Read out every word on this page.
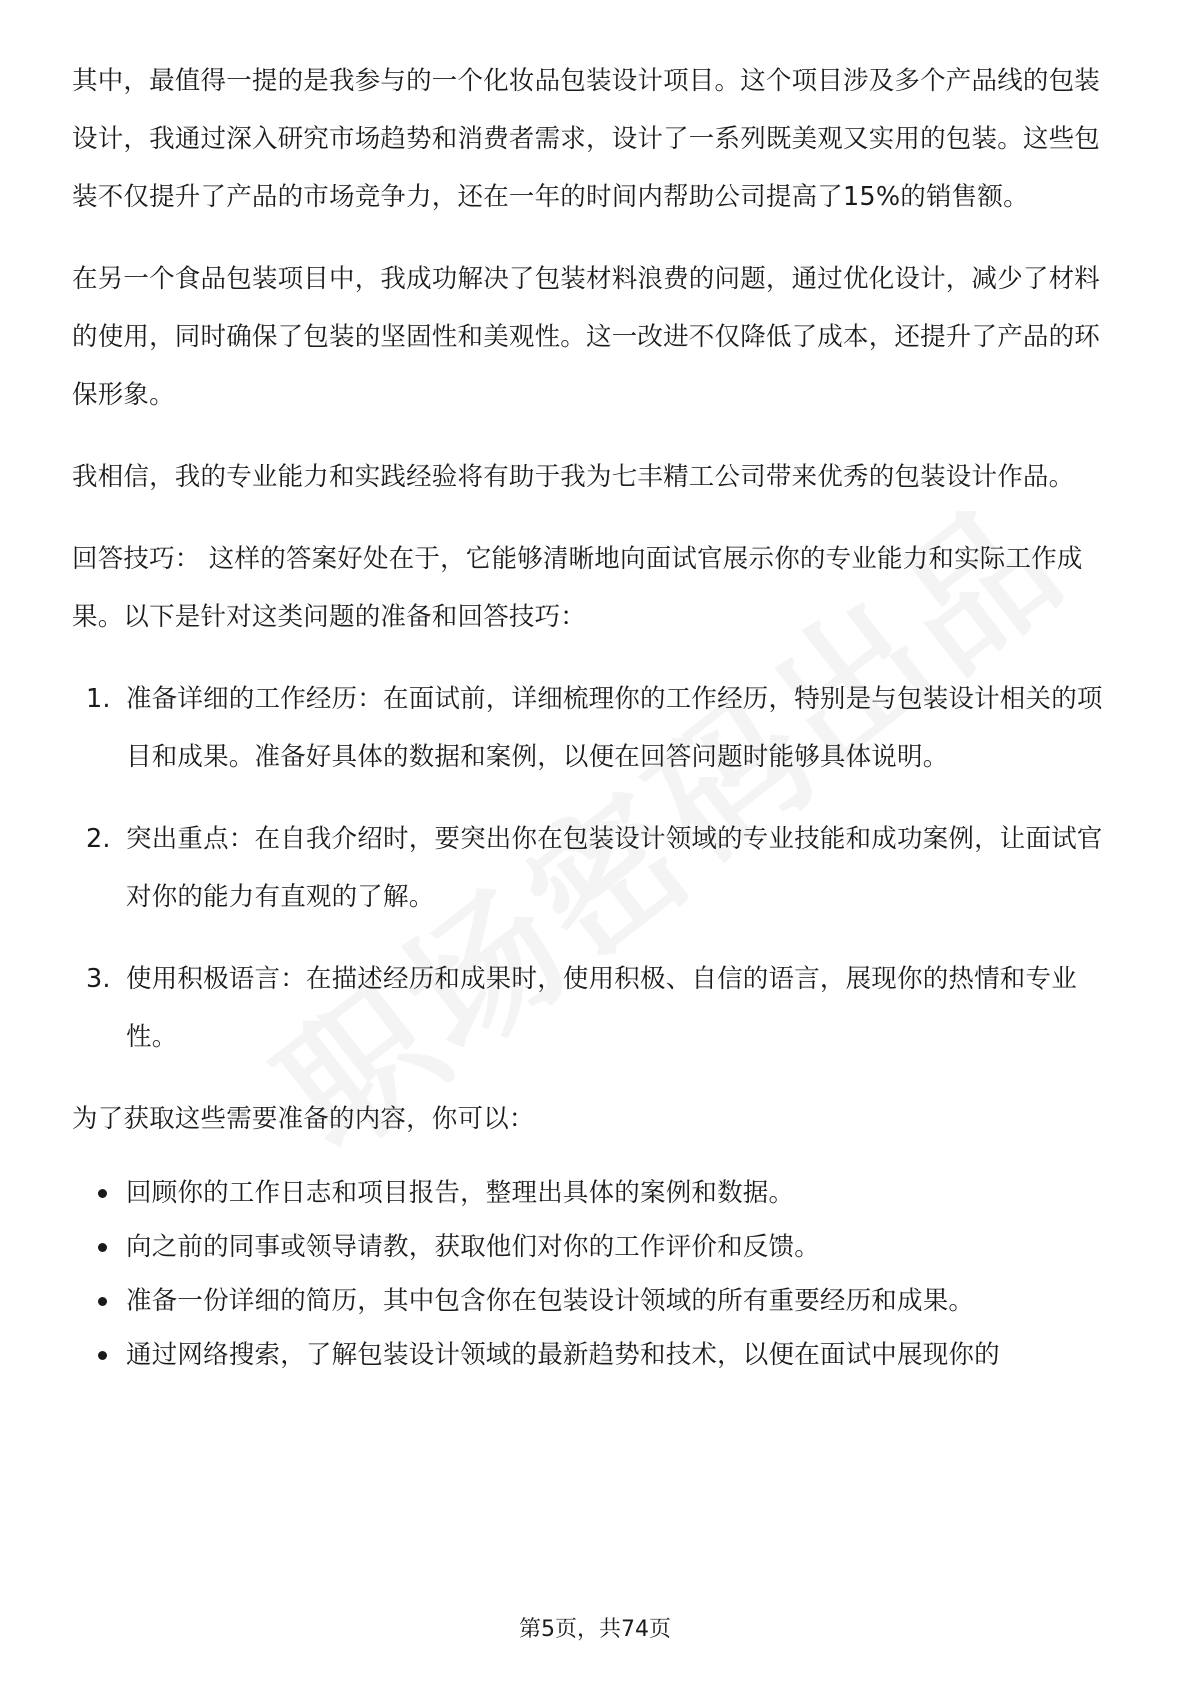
其中，最值得一提的是我参与的一个化妆品包装设计项目。这个项目涉及多个产品线的包装设计，我通过深入研究市场趋势和消费者需求，设计了一系列既美观又实用的包装。这些包装不仅提升了产品的市场竞争力，还在一年的时间内帮助公司提高了15%的销售额。

在另一个食品包装项目中，我成功解决了包装材料浪费的问题，通过优化设计，减少了材料的使用，同时确保了包装的坚固性和美观性。这一改进不仅降低了成本，还提升了产品的环保形象。

我相信，我的专业能力和实践经验将有助于我为七丰精工公司带来优秀的包装设计作品。

回答技巧： 这样的答案好处在于，它能够清晰地向面试官展示你的专业能力和实际工作成果。以下是针对这类问题的准备和回答技巧：

1. 准备详细的工作经历：在面试前，详细梳理你的工作经历，特别是与包装设计相关的项目和成果。准备好具体的数据和案例，以便在回答问题时能够具体说明。
2. 突出重点：在自我介绍时，要突出你在包装设计领域的专业技能和成功案例，让面试官对你的能力有直观的了解。
3. 使用积极语言：在描述经历和成果时，使用积极、自信的语言，展现你的热情和专业性。

为了获取这些需要准备的内容，你可以：

回顾你的工作日志和项目报告，整理出具体的案例和数据。
向之前的同事或领导请教，获取他们对你的工作评价和反馈。
准备一份详细的简历，其中包含你在包装设计领域的所有重要经历和成果。
通过网络搜索，了解包装设计领域的最新趋势和技术，以便在面试中展现你的
第5页，共74页
